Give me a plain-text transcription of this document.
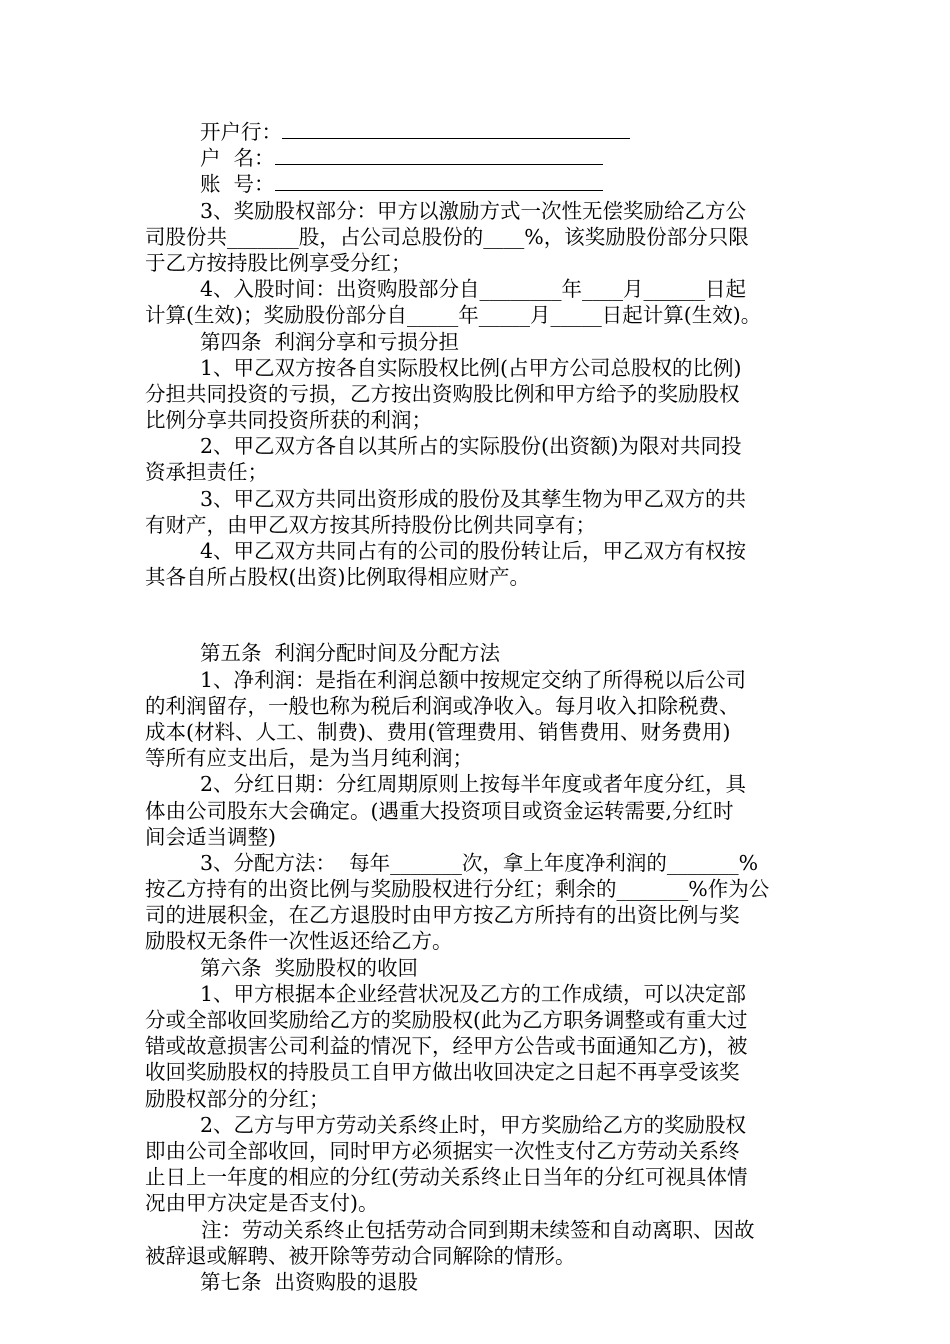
开户行：
户  名：
账  号：
3、奖励股权部分：甲方以激励方式一次性无偿奖励给乙方公
司股份共_______股，占公司总股份的____%，该奖励股份部分只限
于乙方按持股比例享受分红；
4、入股时间：出资购股部分自________年____月______日起
计算(生效)；奖励股份部分自_____年_____月_____日起计算(生效)。
第四条  利润分享和亏损分担
1、甲乙双方按各自实际股权比例(占甲方公司总股权的比例)
分担共同投资的亏损，乙方按出资购股比例和甲方给予的奖励股权
比例分享共同投资所获的利润；
2、甲乙双方各自以其所占的实际股份(出资额)为限对共同投
资承担责任；
3、甲乙双方共同出资形成的股份及其孳生物为甲乙双方的共
有财产，由甲乙双方按其所持股份比例共同享有；
4、甲乙双方共同占有的公司的股份转让后，甲乙双方有权按
其各自所占股权(出资)比例取得相应财产。
第五条  利润分配时间及分配方法
1、净利润：是指在利润总额中按规定交纳了所得税以后公司
的利润留存，一般也称为税后利润或净收入。每月收入扣除税费、
成本(材料、人工、制费)、费用(管理费用、销售费用、财务费用)
等所有应支出后，是为当月纯利润；
2、分红日期：分红周期原则上按每半年度或者年度分红，具
体由公司股东大会确定。(遇重大投资项目或资金运转需要,分红时
间会适当调整)
3、分配方法：  每年_______次，拿上年度净利润的_______%
按乙方持有的出资比例与奖励股权进行分红；剩余的_______%作为公
司的进展积金，在乙方退股时由甲方按乙方所持有的出资比例与奖
励股权无条件一次性返还给乙方。
第六条  奖励股权的收回
1、甲方根据本企业经营状况及乙方的工作成绩，可以决定部
分或全部收回奖励给乙方的奖励股权(此为乙方职务调整或有重大过
错或故意损害公司利益的情况下，经甲方公告或书面通知乙方)，被
收回奖励股权的持股员工自甲方做出收回决定之日起不再享受该奖
励股权部分的分红；
2、乙方与甲方劳动关系终止时，甲方奖励给乙方的奖励股权
即由公司全部收回，同时甲方必须据实一次性支付乙方劳动关系终
止日上一年度的相应的分红(劳动关系终止日当年的分红可视具体情
况由甲方决定是否支付)。
注：劳动关系终止包括劳动合同到期未续签和自动离职、因故
被辞退或解聘、被开除等劳动合同解除的情形。
第七条  出资购股的退股
